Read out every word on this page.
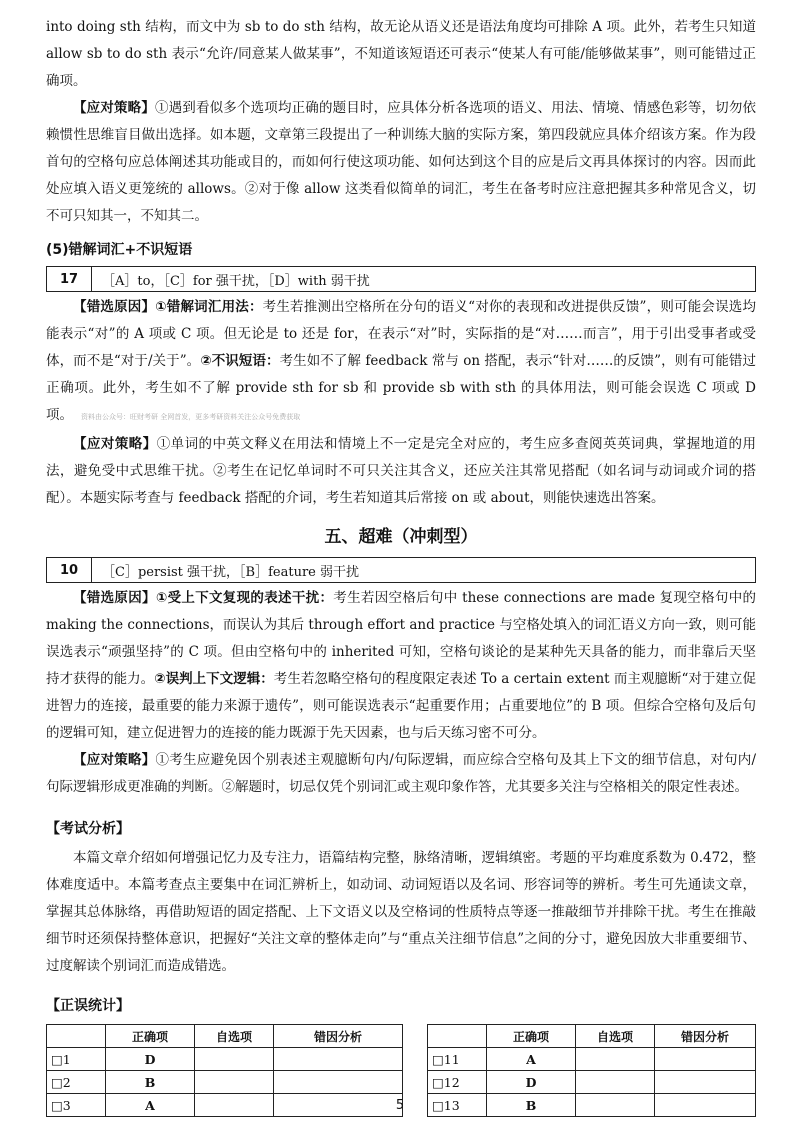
into doing sth 结构，而文中为 sb to do sth 结构，故无论从语义还是语法角度均可排除 A 项。此外，若考生只知道 allow sb to do sth 表示“允许/同意某人做某事”，不知道该短语还可表示“使某人有可能/能够做某事”，则可能错过正确项。

【应对策略】①遇到看似多个选项均正确的题目时，应具体分析各选项的语义、用法、情境、情感色彩等，切勿依赖惯性思维盲目做出选择。如本题，文章第三段提出了一种训练大脑的实际方案，第四段就应具体介绍该方案。作为段首句的空格句应总体阐述其功能或目的，而如何行使这项功能、如何达到这个目的应是后文再具体探讨的内容。因而此处应填入语义更笼统的 allows。②对于像 allow 这类看似简单的词汇，考生在备考时应注意把握其多种常见含义，切不可只知其一，不知其二。

(5)错解词汇+不识短语
17	［A］to，［C］for 强干扰，［D］with 弱干扰

【错选原因】①错解词汇用法：考生若推测出空格所在分句的语义“对你的表现和改进提供反馈”，则可能会误选均能表示“对”的 A 项或 C 项。但无论是 to 还是 for，在表示“对”时，实际指的是“对……而言”，用于引出受事者或受体，而不是“对于/关于”。②不识短语：考生如不了解 feedback 常与 on 搭配，表示“针对……的反馈”，则有可能错过正确项。此外，考生如不了解 provide sth for sb 和 provide sb with sth 的具体用法，则可能会误选 C 项或 D 项。 资料由公众号：旺财考研 全网首发，更多考研资料关注公众号免费获取

【应对策略】①单词的中英文释义在用法和情境上不一定是完全对应的，考生应多查阅英英词典，掌握地道的用法，避免受中式思维干扰。②考生在记忆单词时不可只关注其含义，还应关注其常见搭配（如名词与动词或介词的搭配）。本题实际考查与 feedback 搭配的介词，考生若知道其后常接 on 或 about，则能快速选出答案。

五、超难（冲刺型）
10	［C］persist 强干扰，［B］feature 弱干扰

【错选原因】①受上下文复现的表述干扰：考生若因空格后句中 these connections are made 复现空格句中的 making the connections，而误认为其后 through effort and practice 与空格处填入的词汇语义方向一致，则可能误选表示“顽强坚持”的 C 项。但由空格句中的 inherited 可知，空格句谈论的是某种先天具备的能力，而非靠后天坚持才获得的能力。②误判上下文逻辑：考生若忽略空格句的程度限定表述 To a certain extent 而主观臆断“对于建立促进智力的连接，最重要的能力来源于遗传”，则可能误选表示“起重要作用；占重要地位”的 B 项。但综合空格句及后句的逻辑可知，建立促进智力的连接的能力既源于先天因素，也与后天练习密不可分。

【应对策略】①考生应避免因个别表述主观臆断句内/句际逻辑，而应综合空格句及其上下文的细节信息，对句内/句际逻辑形成更准确的判断。②解题时，切忌仅凭个别词汇或主观印象作答，尤其要多关注与空格相关的限定性表述。

【考试分析】

本篇文章介绍如何增强记忆力及专注力，语篇结构完整，脉络清晰，逻辑缜密。考题的平均难度系数为 0.472，整体难度适中。本篇考查点主要集中在词汇辨析上，如动词、动词短语以及名词、形容词等的辨析。考生可先通读文章，掌握其总体脉络，再借助短语的固定搭配、上下文语义以及空格词的性质特点等逐一推敲细节并排除干扰。考生在推敲细节时还须保持整体意识，把握好“关注文章的整体走向”与“重点关注细节信息”之间的分寸，避免因放大非重要细节、过度解读个别词汇而造成错选。

【正误统计】
	正确项	自选项	错因分析			正确项	自选项	错因分析
□1	D				□11	A		
□2	B				□12	D		
□3	A				□13	B		
5
